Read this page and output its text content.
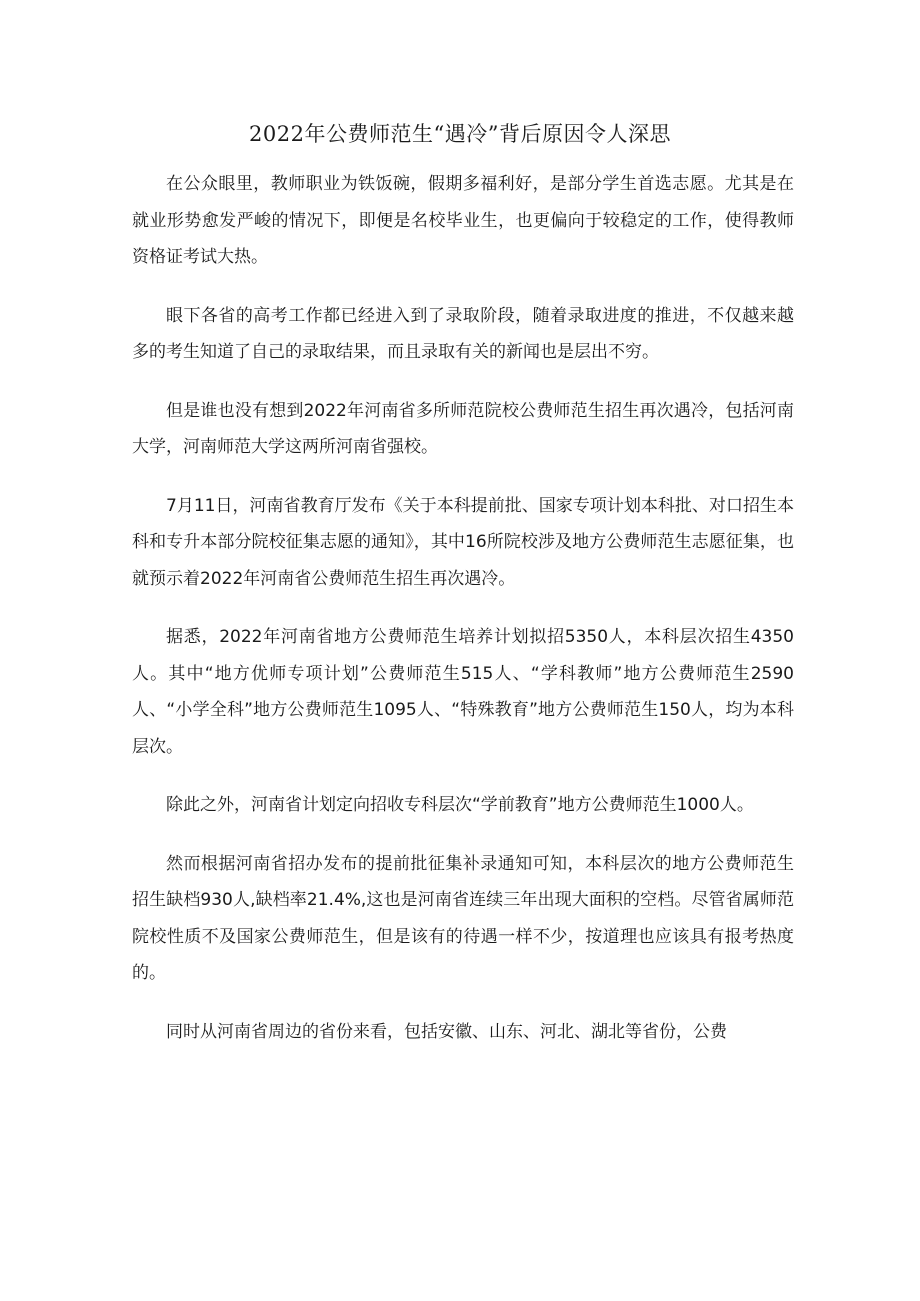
2022年公费师范生“遇冷”背后原因令人深思

在公众眼里，教师职业为铁饭碗，假期多福利好，是部分学生首选志愿。尤其是在就业形势愈发严峻的情况下，即便是名校毕业生，也更偏向于较稳定的工作，使得教师资格证考试大热。

眼下各省的高考工作都已经进入到了录取阶段，随着录取进度的推进，不仅越来越多的考生知道了自己的录取结果，而且录取有关的新闻也是层出不穷。

但是谁也没有想到2022年河南省多所师范院校公费师范生招生再次遇冷，包括河南大学，河南师范大学这两所河南省强校。

7月11日，河南省教育厅发布《关于本科提前批、国家专项计划本科批、对口招生本科和专升本部分院校征集志愿的通知》，其中16所院校涉及地方公费师范生志愿征集，也就预示着2022年河南省公费师范生招生再次遇冷。

据悉，2022年河南省地方公费师范生培养计划拟招5350人，本科层次招生4350人。其中“地方优师专项计划”公费师范生515人、“学科教师”地方公费师范生2590人、“小学全科”地方公费师范生1095人、“特殊教育”地方公费师范生150人，均为本科层次。

除此之外，河南省计划定向招收专科层次“学前教育”地方公费师范生1000人。

然而根据河南省招办发布的提前批征集补录通知可知，本科层次的地方公费师范生招生缺档930人,缺档率21.4%,这也是河南省连续三年出现大面积的空档。尽管省属师范院校性质不及国家公费师范生，但是该有的待遇一样不少，按道理也应该具有报考热度的。

同时从河南省周边的省份来看，包括安徽、山东、河北、湖北等省份，公费
